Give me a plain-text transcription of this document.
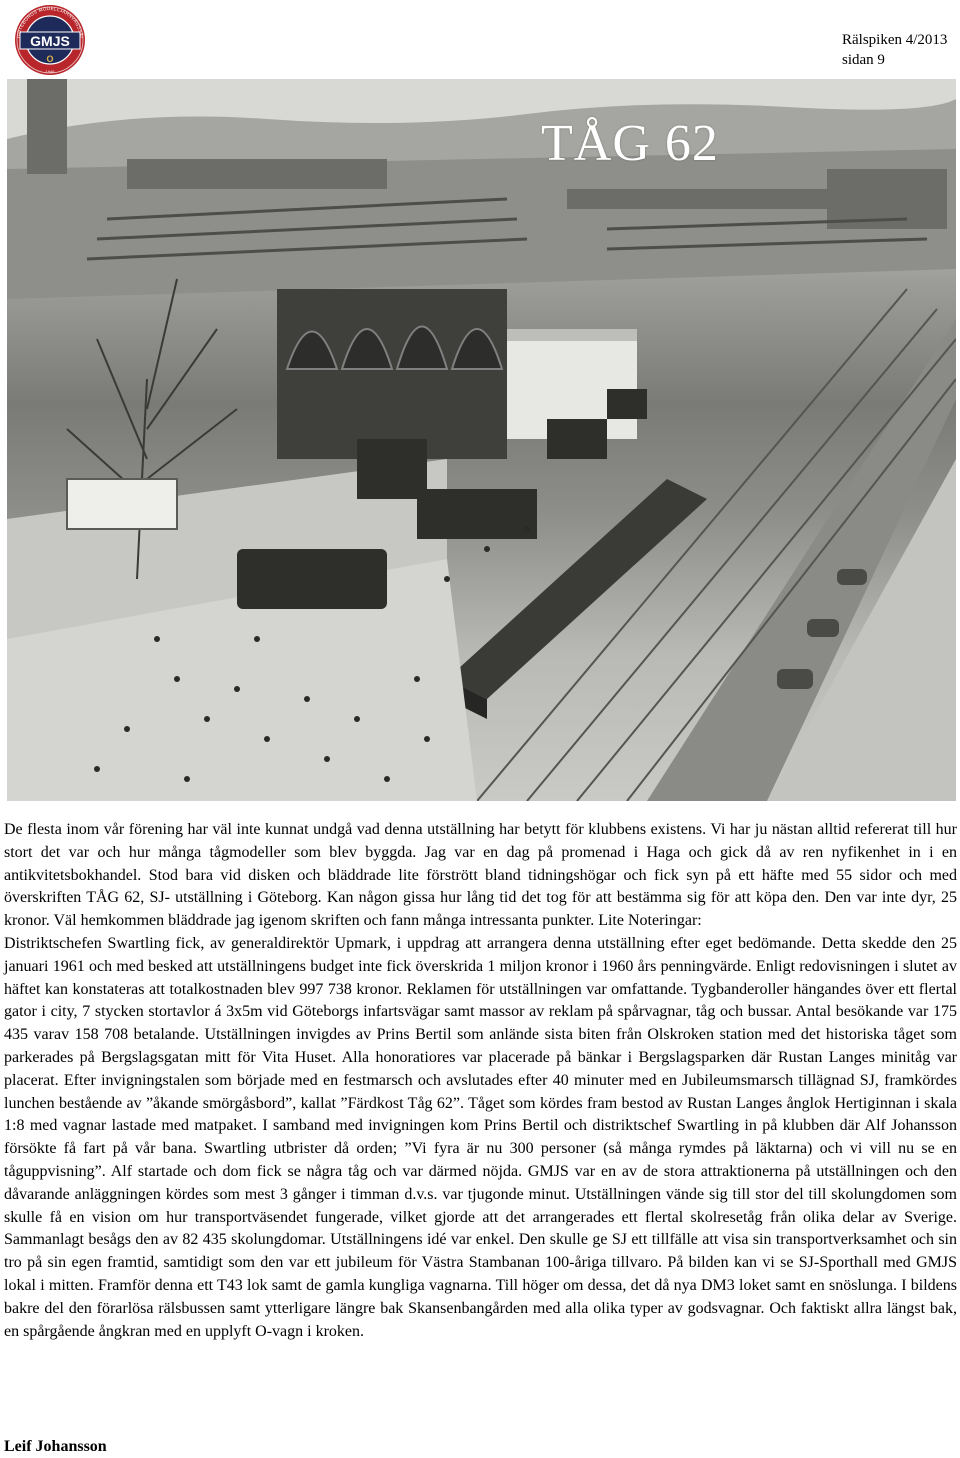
GMJS
O
1946
GÖTEBORGS MODELLJÄRNVÄGSSÄL	Rälspiken 4/2013
sidan 9
TÅG 62

De flesta inom vår förening har väl inte kunnat undgå vad denna utställning har betytt för klubbens existens. Vi har ju nästan alltid refererat till hur stort det var och hur många tågmodeller som blev byggda. Jag var en dag på promenad i Haga och gick då av ren nyfikenhet in i en antikvitetsbokhandel. Stod bara vid disken och bläddrade lite förstrött bland tidningshögar och fick syn på ett häfte med 55 sidor och med överskriften TÅG 62, SJ- utställning i Göteborg. Kan någon gissa hur lång tid det tog för att bestämma sig för att köpa den. Den var inte dyr, 25 kronor. Väl hemkommen bläddrade jag igenom skriften och fann många intressanta punkter. Lite Noteringar:

Distriktschefen Swartling fick, av generaldirektör Upmark, i uppdrag att arrangera denna utställning efter eget bedömande. Detta skedde den 25 januari 1961 och med besked att utställningens budget inte fick överskrida 1 miljon kronor i 1960 års penningvärde. Enligt redovisningen i slutet av häftet kan konstateras att totalkostnaden blev 997 738 kronor. Reklamen för utställningen var omfattande. Tygbanderoller hängandes över ett flertal gator i city, 7 stycken stortavlor á 3x5m vid Göteborgs infartsvägar samt massor av reklam på spårvagnar, tåg och bussar. Antal besökande var 175 435 varav 158 708 betalande. Utställningen invigdes av Prins Bertil som anlände sista biten från Olskroken station med det historiska tåget som parkerades på Bergslagsgatan mitt för Vita Huset. Alla honoratiores var placerade på bänkar i Bergslagsparken där Rustan Langes minitåg var placerat. Efter invigningstalen som började med en festmarsch och avslutades efter 40 minuter med en Jubileumsmarsch tillägnad SJ, framkördes lunchen bestående av ”åkande smörgåsbord”, kallat ”Färdkost Tåg 62”. Tåget som kördes fram bestod av Rustan Langes ånglok Hertiginnan i skala 1:8 med vagnar lastade med matpaket. I samband med invigningen kom Prins Bertil och distriktschef Swartling in på klubben där Alf Johansson försökte få fart på vår bana. Swartling utbrister då orden; ”Vi fyra är nu 300 personer (så många rymdes på läktarna) och vi vill nu se en tåguppvisning”. Alf startade och dom fick se några tåg och var därmed nöjda. GMJS var en av de stora attraktionerna på utställningen och den dåvarande anläggningen kördes som mest 3 gånger i timman d.v.s. var tjugonde minut. Utställningen vände sig till stor del till skolungdomen som skulle få en vision om hur transportväsendet fungerade, vilket gjorde att det arrangerades ett flertal skolresetåg från olika delar av Sverige. Sammanlagt besågs den av 82 435 skolungdomar. Utställningens idé var enkel. Den skulle ge SJ ett tillfälle att visa sin transportverksamhet och sin tro på sin egen framtid, samtidigt som den var ett jubileum för Västra Stambanan 100-åriga tillvaro. På bilden kan vi se SJ-Sporthall med GMJS lokal i mitten. Framför denna ett T43 lok samt de gamla kungliga vagnarna. Till höger om dessa, det då nya DM3 loket samt en snöslunga. I bildens bakre del den förarlösa rälsbussen samt ytterligare längre bak Skansenbangården med alla olika typer av godsvagnar. Och faktiskt allra längst bak, en spårgående ångkran med en upplyft O-vagn i kroken.

Leif Johansson
